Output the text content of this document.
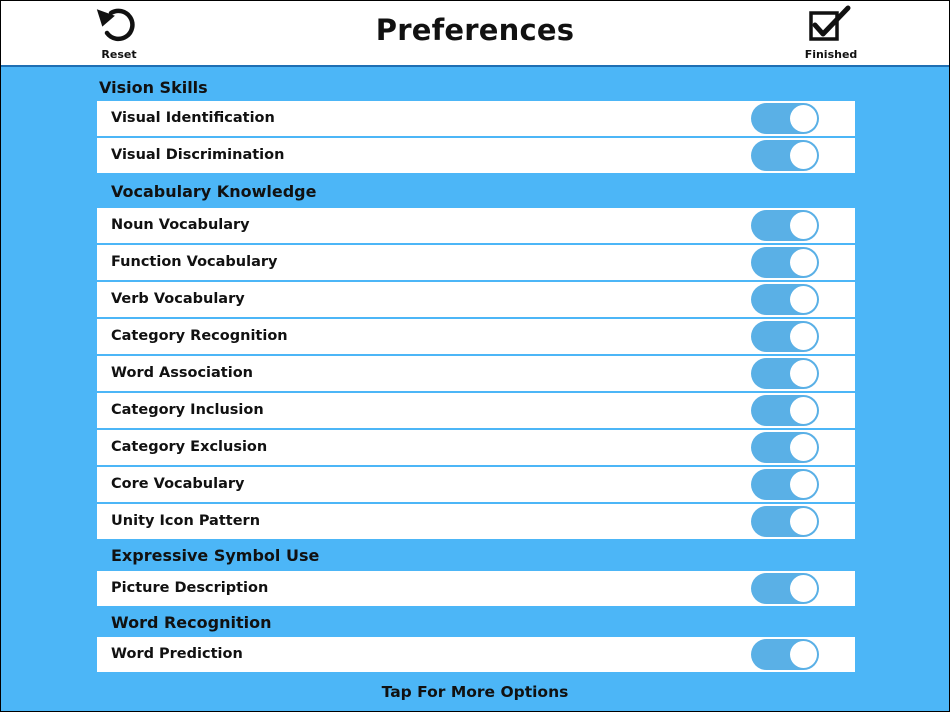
Reset
Preferences
Finished
Vision Skills
Visual Identification
Visual Discrimination
Vocabulary Knowledge
Noun Vocabulary
Function Vocabulary
Verb Vocabulary
Category Recognition
Word Association
Category Inclusion
Category Exclusion
Core Vocabulary
Unity Icon Pattern
Expressive Symbol Use
Picture Description
Word Recognition
Word Prediction
Tap For More Options
